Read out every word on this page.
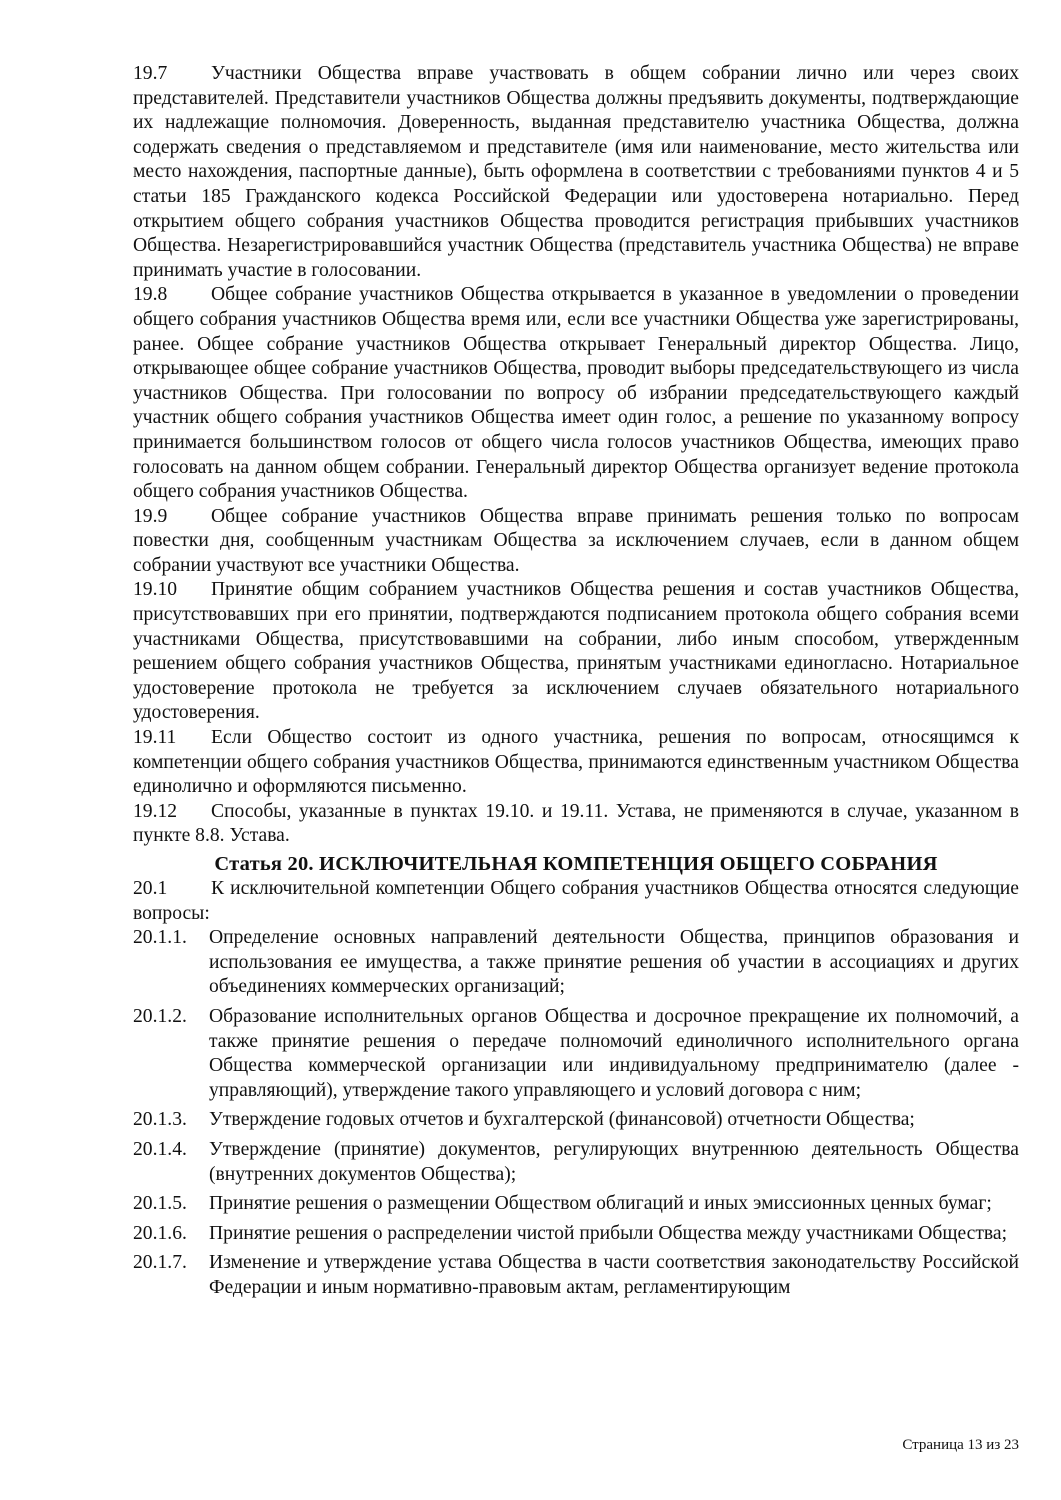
19.7 Участники Общества вправе участвовать в общем собрании лично или через своих представителей. Представители участников Общества должны предъявить документы, подтверждающие их надлежащие полномочия. Доверенность, выданная представителю участника Общества, должна содержать сведения о представляемом и представителе (имя или наименование, место жительства или место нахождения, паспортные данные), быть оформлена в соответствии с требованиями пунктов 4 и 5 статьи 185 Гражданского кодекса Российской Федерации или удостоверена нотариально. Перед открытием общего собрания участников Общества проводится регистрация прибывших участников Общества. Незарегистрировавшийся участник Общества (представитель участника Общества) не вправе принимать участие в голосовании.

19.8 Общее собрание участников Общества открывается в указанное в уведомлении о проведении общего собрания участников Общества время или, если все участники Общества уже зарегистрированы, ранее. Общее собрание участников Общества открывает Генеральный директор Общества. Лицо, открывающее общее собрание участников Общества, проводит выборы председательствующего из числа участников Общества. При голосовании по вопросу об избрании председательствующего каждый участник общего собрания участников Общества имеет один голос, а решение по указанному вопросу принимается большинством голосов от общего числа голосов участников Общества, имеющих право голосовать на данном общем собрании. Генеральный директор Общества организует ведение протокола общего собрания участников Общества.

19.9 Общее собрание участников Общества вправе принимать решения только по вопросам повестки дня, сообщенным участникам Общества за исключением случаев, если в данном общем собрании участвуют все участники Общества.

19.10 Принятие общим собранием участников Общества решения и состав участников Общества, присутствовавших при его принятии, подтверждаются подписанием протокола общего собрания всеми участниками Общества, присутствовавшими на собрании, либо иным способом, утвержденным решением общего собрания участников Общества, принятым участниками единогласно. Нотариальное удостоверение протокола не требуется за исключением случаев обязательного нотариального удостоверения.

19.11 Если Общество состоит из одного участника, решения по вопросам, относящимся к компетенции общего собрания участников Общества, принимаются единственным участником Общества единолично и оформляются письменно.

19.12 Способы, указанные в пунктах 19.10. и 19.11. Устава, не применяются в случае, указанном в пункте 8.8. Устава.

Статья 20. ИСКЛЮЧИТЕЛЬНАЯ КОМПЕТЕНЦИЯ ОБЩЕГО СОБРАНИЯ

20.1 К исключительной компетенции Общего собрания участников Общества относятся следующие вопросы:

20.1.1.	Определение основных направлений деятельности Общества, принципов образования и использования ее имущества, а также принятие решения об участии в ассоциациях и других объединениях коммерческих организаций;
20.1.2.	Образование исполнительных органов Общества и досрочное прекращение их полномочий, а также принятие решения о передаче полномочий единоличного исполнительного органа Общества коммерческой организации или индивидуальному предпринимателю (далее - управляющий), утверждение такого управляющего и условий договора с ним;
20.1.3.	Утверждение годовых отчетов и бухгалтерской (финансовой) отчетности Общества;
20.1.4.	Утверждение (принятие) документов, регулирующих внутреннюю деятельность Общества (внутренних документов Общества);
20.1.5.	Принятие решения о размещении Обществом облигаций и иных эмиссионных ценных бумаг;
20.1.6.	Принятие решения о распределении чистой прибыли Общества между участниками Общества;
20.1.7.	Изменение и утверждение устава Общества в части соответствия законодательству Российской Федерации и иным нормативно-правовым актам, регламентирующим
Страница 13 из 23
